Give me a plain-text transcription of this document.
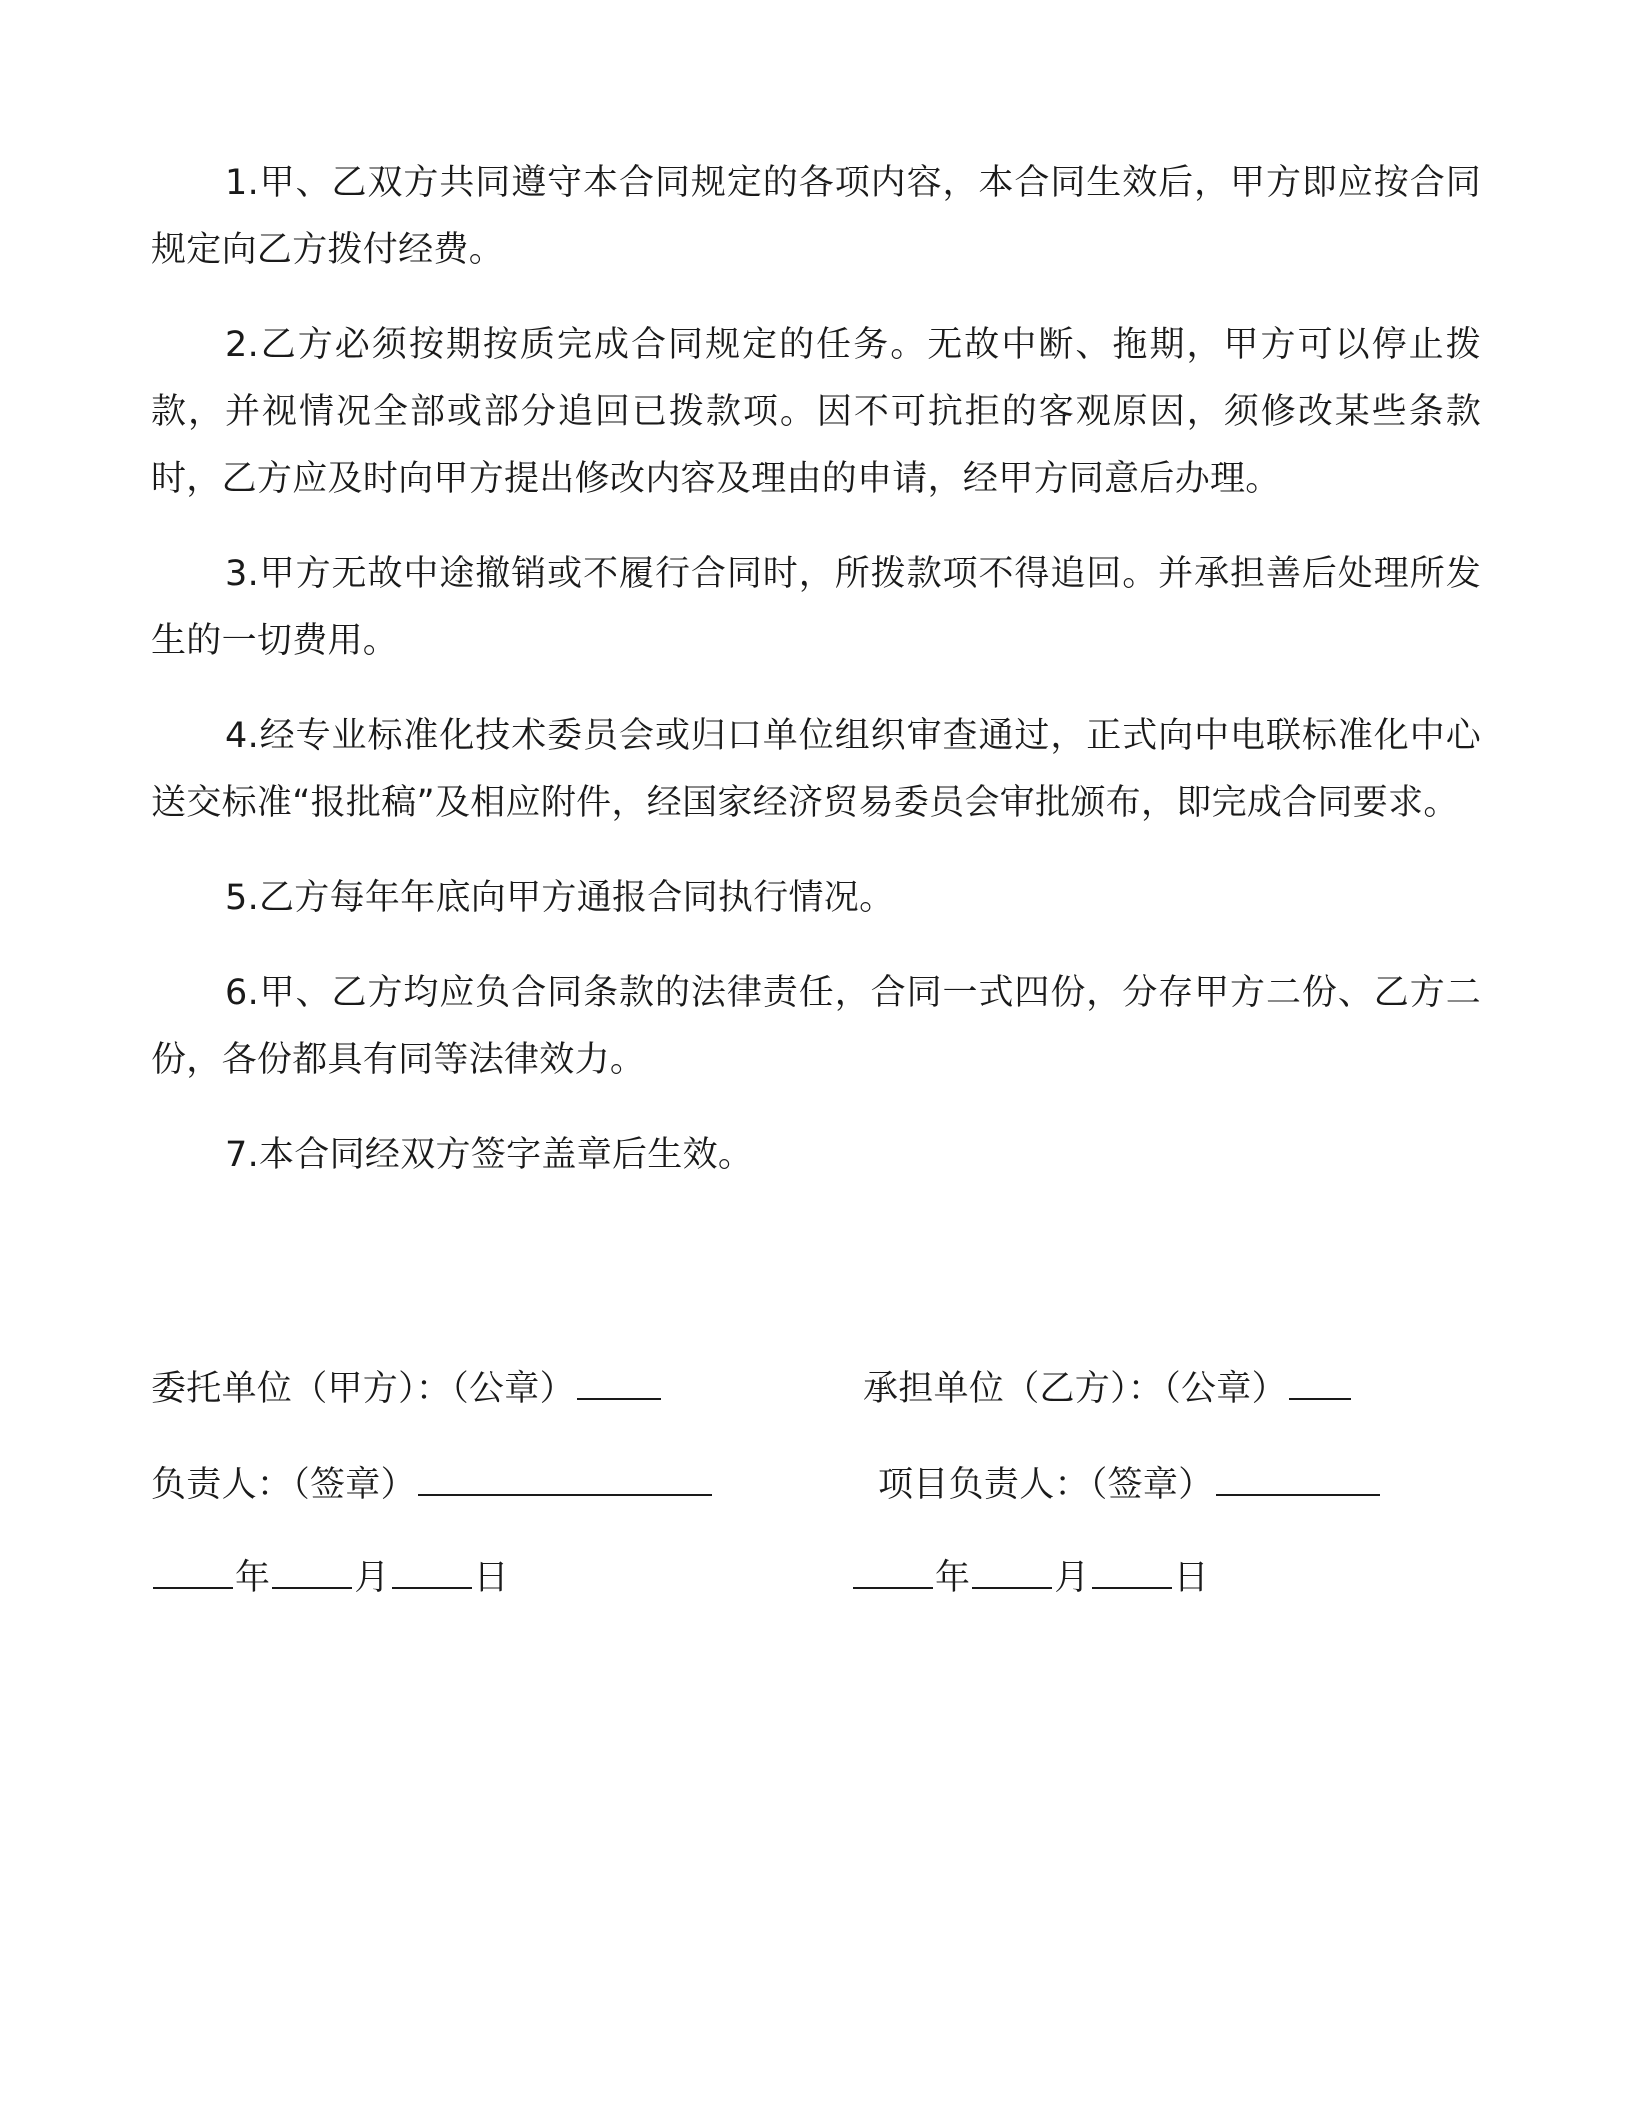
1.甲、乙双方共同遵守本合同规定的各项内容，本合同生效后，甲方即应按合同规定向乙方拨付经费。

2.乙方必须按期按质完成合同规定的任务。无故中断、拖期，甲方可以停止拨款，并视情况全部或部分追回已拨款项。因不可抗拒的客观原因，须修改某些条款时，乙方应及时向甲方提出修改内容及理由的申请，经甲方同意后办理。

3.甲方无故中途撤销或不履行合同时，所拨款项不得追回。并承担善后处理所发生的一切费用。

4.经专业标准化技术委员会或归口单位组织审查通过，正式向中电联标准化中心送交标准“报批稿”及相应附件，经国家经济贸易委员会审批颁布，即完成合同要求。

5.乙方每年年底向甲方通报合同执行情况。

6.甲、乙方均应负合同条款的法律责任，合同一式四份，分存甲方二份、乙方二份，各份都具有同等法律效力。

7.本合同经双方签字盖章后生效。

委托单位（甲方）：（公章）
负责人：（签章）
年 月 日
承担单位（乙方）：（公章）
项目负责人：（签章）
年 月 日
